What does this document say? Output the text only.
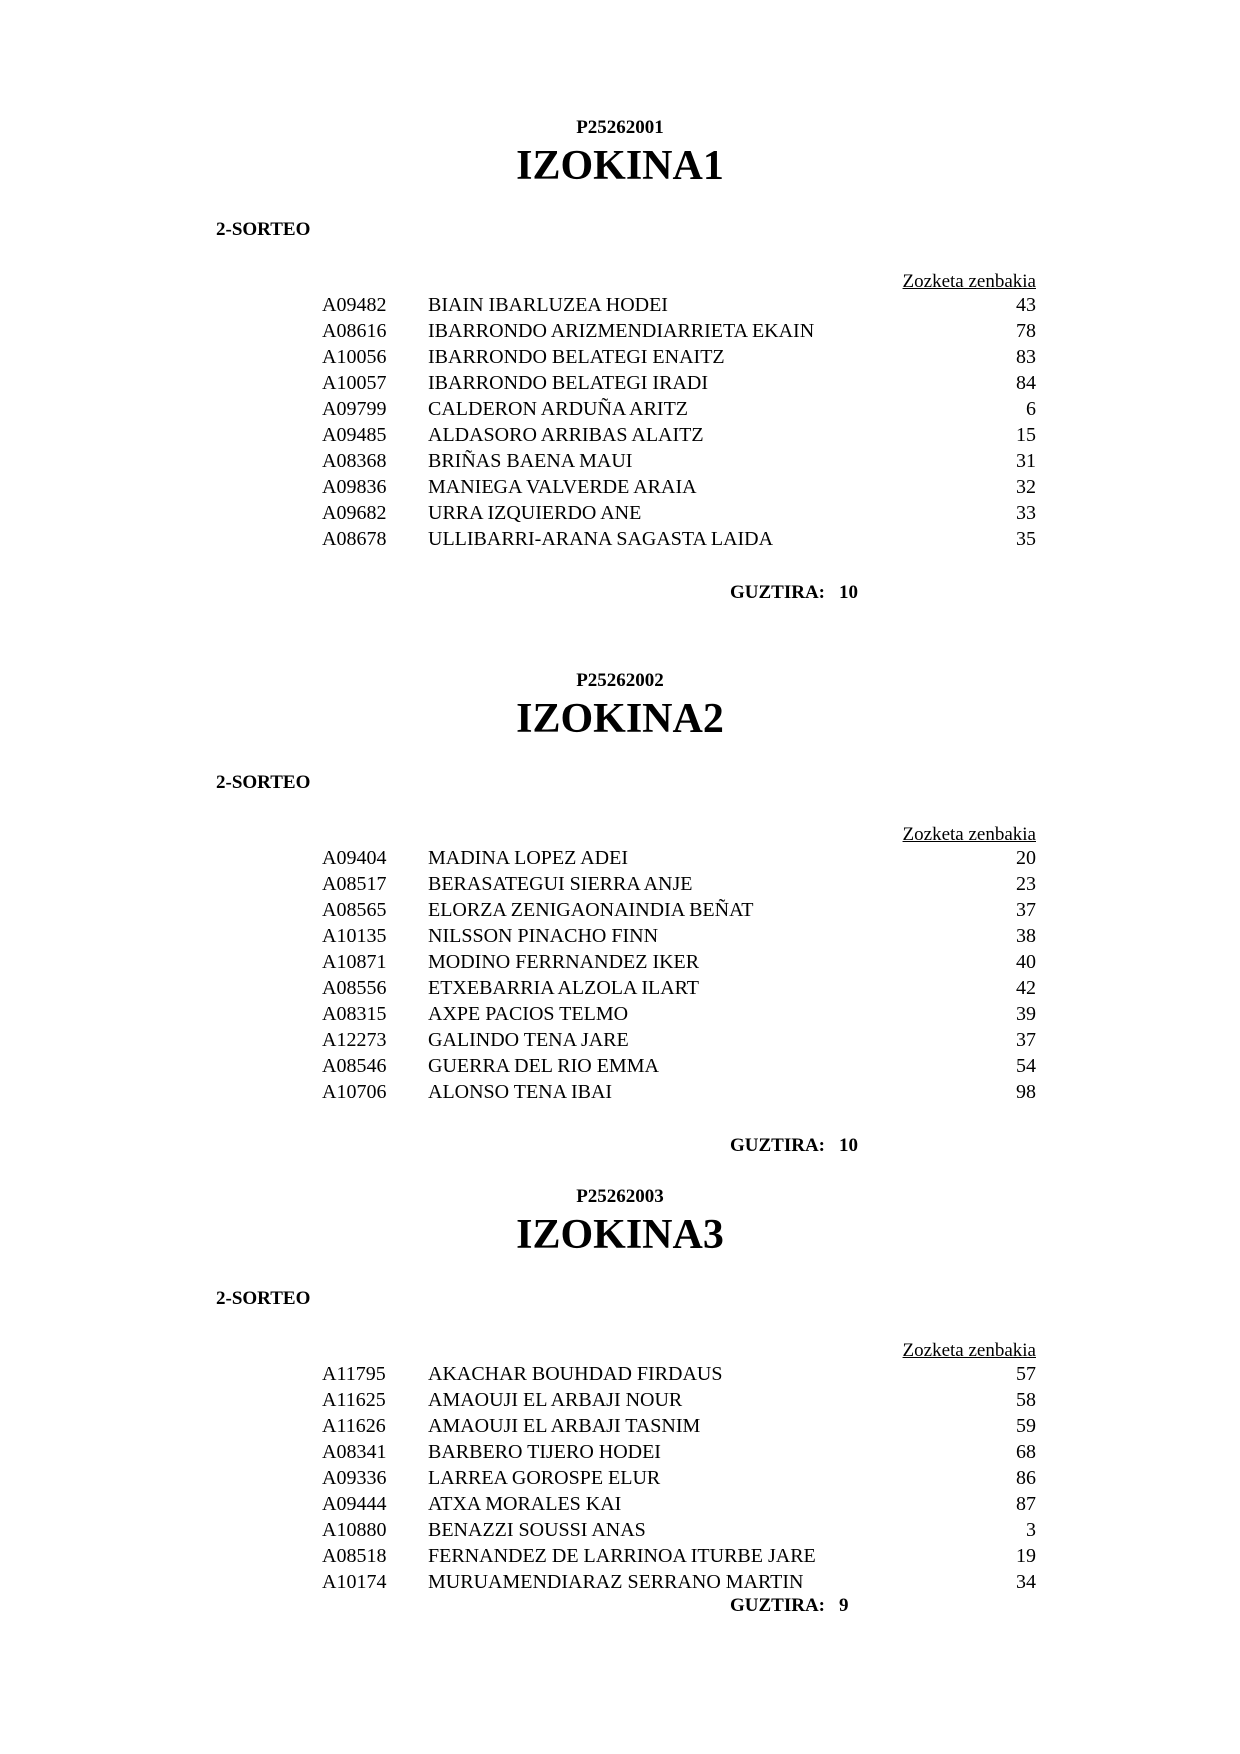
P25262001
IZOKINA1
2-SORTEO
Zozketa zenbakia
A09482 BIAIN IBARLUZEA HODEI	43
A08616 IBARRONDO ARIZMENDIARRIETA EKAIN	78
A10056 IBARRONDO BELATEGI ENAITZ	83
A10057 IBARRONDO BELATEGI IRADI	84
A09799 CALDERON ARDUÑA ARITZ	6
A09485 ALDASORO ARRIBAS ALAITZ	15
A08368 BRIÑAS BAENA MAUI	31
A09836 MANIEGA VALVERDE ARAIA	32
A09682 URRA IZQUIERDO ANE	33
A08678 ULLIBARRI-ARANA SAGASTA LAIDA	35
GUZTIRA: 10
P25262002
IZOKINA2
2-SORTEO
Zozketa zenbakia
A09404 MADINA LOPEZ ADEI	20
A08517 BERASATEGUI SIERRA ANJE	23
A08565 ELORZA ZENIGAONAINDIA BEÑAT	37
A10135 NILSSON PINACHO FINN	38
A10871 MODINO FERRNANDEZ IKER	40
A08556 ETXEBARRIA ALZOLA ILART	42
A08315 AXPE PACIOS TELMO	39
A12273 GALINDO TENA JARE	37
A08546 GUERRA DEL RIO EMMA	54
A10706 ALONSO TENA IBAI	98
GUZTIRA: 10
P25262003
IZOKINA3
2-SORTEO
Zozketa zenbakia
A11795 AKACHAR BOUHDAD FIRDAUS	57
A11625 AMAOUJI EL ARBAJI NOUR	58
A11626 AMAOUJI EL ARBAJI TASNIM	59
A08341 BARBERO TIJERO HODEI	68
A09336 LARREA GOROSPE ELUR	86
A09444 ATXA MORALES KAI	87
A10880 BENAZZI SOUSSI ANAS	3
A08518 FERNANDEZ DE LARRINOA ITURBE JARE	19
A10174 MURUAMENDIARAZ SERRANO MARTIN	34
GUZTIRA: 9
